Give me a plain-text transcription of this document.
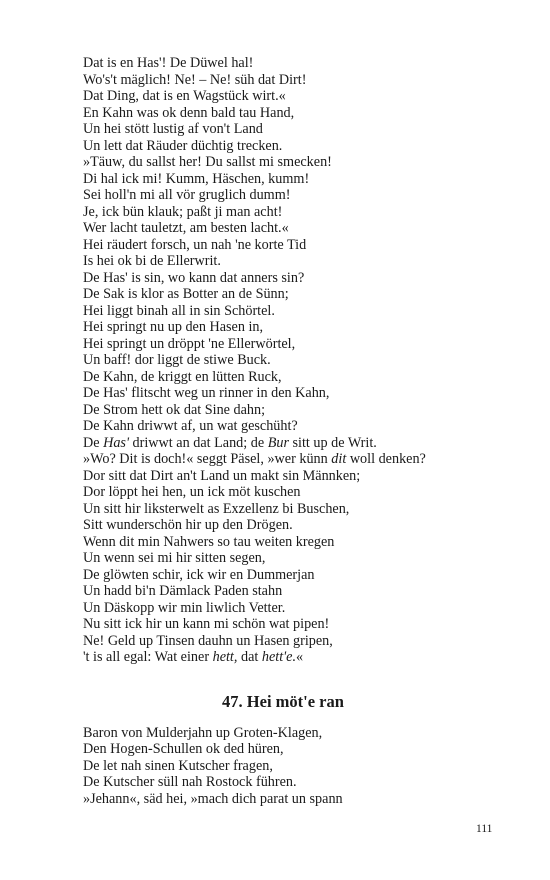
Dat is en Has'! De Düwel hal!
Wo's't mäglich! Ne! – Ne! süh dat Dirt!
Dat Ding, dat is en Wagstück wirt.«
En Kahn was ok denn bald tau Hand,
Un hei stött lustig af von't Land
Un lett dat Räuder düchtig trecken.
»Täuw, du sallst her! Du sallst mi smecken!
Di hal ick mi! Kumm, Häschen, kumm!
Sei holl'n mi all vör gruglich dumm!
Je, ick bün klauk; paßt ji man acht!
Wer lacht tauletzt, am besten lacht.«
Hei räudert forsch, un nah 'ne korte Tid
Is hei ok bi de Ellerwrit.
De Has' is sin, wo kann dat anners sin?
De Sak is klor as Botter an de Sünn;
Hei liggt binah all in sin Schörtel.
Hei springt nu up den Hasen in,
Hei springt un dröppt 'ne Ellerwörtel,
Un baff! dor liggt de stiwe Buck.
De Kahn, de kriggt en lütten Ruck,
De Has' flitscht weg un rinner in den Kahn,
De Strom hett ok dat Sine dahn;
De Kahn driwwt af, un wat geschüht?
De Has' driwwt an dat Land; de Bur sitt up de Writ.
»Wo? Dit is doch!« seggt Päsel, »wer künn dit woll denken?
Dor sitt dat Dirt an't Land un makt sin Männken;
Dor löppt hei hen, un ick möt kuschen
Un sitt hir liksterwelt as Exzellenz bi Buschen,
Sitt wunderschön hir up den Drögen.
Wenn dit min Nahwers so tau weiten kregen
Un wenn sei mi hir sitten segen,
De glöwten schir, ick wir en Dummerjan
Un hadd bi'n Dämlack Paden stahn
Un Däskopp wir min liwlich Vetter.
Nu sitt ick hir un kann mi schön wat pipen!
Ne! Geld up Tinsen dauhn un Hasen gripen,
't is all egal: Wat einer hett, dat hett'e.«
47. Hei möt'e ran
Baron von Mulderjahn up Groten-Klagen,
Den Hogen-Schullen ok ded hüren,
De let nah sinen Kutscher fragen,
De Kutscher süll nah Rostock führen.
»Jehann«, säd hei, »mach dich parat un spann
111
